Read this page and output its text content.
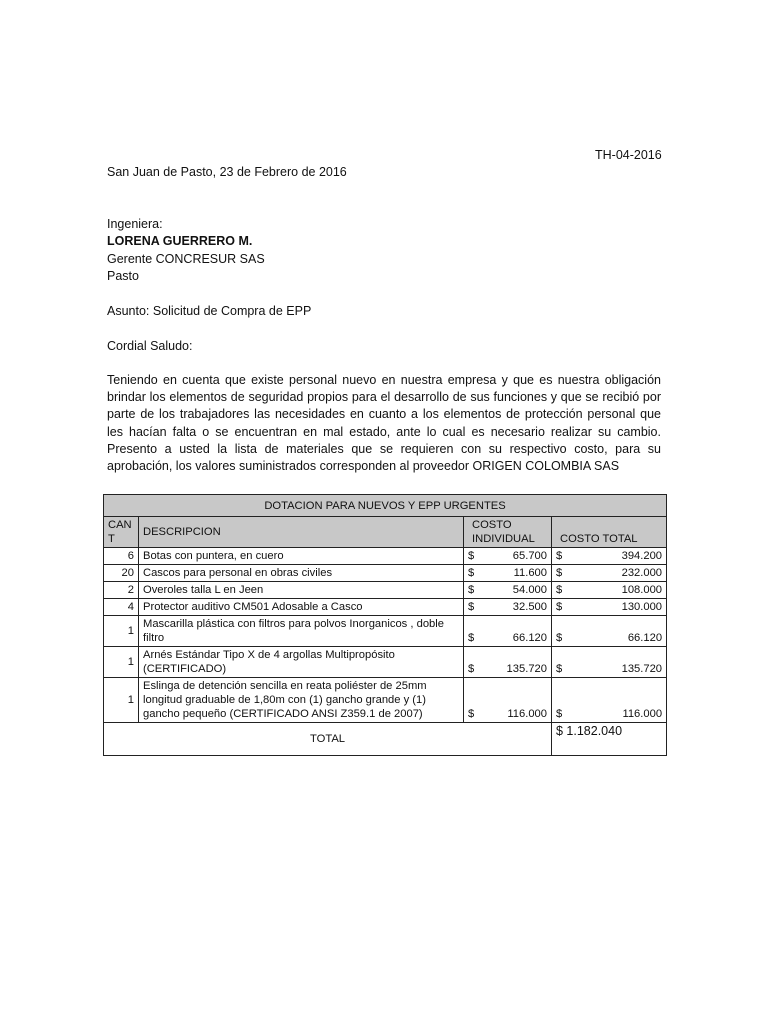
TH-04-2016
San Juan de Pasto, 23 de Febrero de 2016
Ingeniera:
LORENA GUERRERO M.
Gerente CONCRESUR SAS
Pasto
Asunto: Solicitud de Compra de EPP
Cordial Saludo:
Teniendo en cuenta que existe personal nuevo en nuestra empresa y que es nuestra obligación brindar los elementos de seguridad propios para el desarrollo de sus funciones y que se recibió por parte de los trabajadores las necesidades en cuanto a los elementos de protección personal que les hacían falta o se encuentran en mal estado, ante lo cual es necesario realizar su cambio. Presento a usted la lista de materiales que se requieren con su respectivo costo, para su aprobación, los valores suministrados corresponden al proveedor ORIGEN COLOMBIA SAS
DOTACION PARA NUEVOS Y EPP URGENTES			
CAN T	DESCRIPCION	COSTO INDIVIDUAL	COSTO TOTAL
6	Botas con puntera, en cuero	$ 65.700	$ 394.200

20	Cascos para personal en obras civiles	$ 11.600	$ 232.000

2	Overoles talla L en Jeen	$ 54.000	$ 108.000

4	Protector auditivo CM501 Adosable a Casco	$ 32.500	$ 130.000

1	Mascarilla plástica con filtros para polvos Inorganicos , doble filtro	$ 66.120	$ 66.120

1	Arnés Estándar Tipo X de 4 argollas Multipropósito (CERTIFICADO)	$ 135.720	$ 135.720

1	Eslinga de detención sencilla en reata poliéster de 25mm longitud graduable de 1,80m con (1) gancho grande y (1) gancho pequeño (CERTIFICADO ANSI Z359.1 de 2007)	$ 116.000	$ 116.000

TOTAL			$ 1.182.040
